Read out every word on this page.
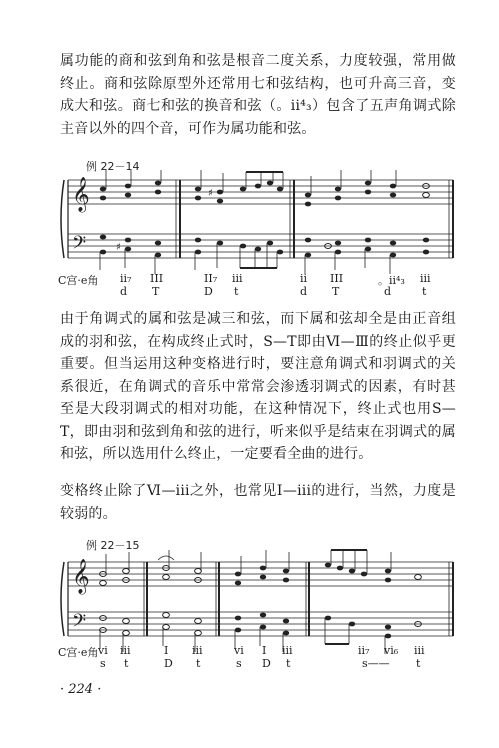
属功能的商和弦到角和弦是根音二度关系，力度较强，常用做终止。商和弦除原型外还常用七和弦结构，也可升高三音，变成大和弦。商七和弦的换音和弦（。ii⁴₃）包含了五声角调式除主音以外的四个音，可作为属功能和弦。

例 22－14
𝄞
𝄢	♯
♯
C宫·e角 ii₇ III	II₇ iii	ii III	。ii⁴₃ iii
d T	D t	d T	d	t

由于角调式的属和弦是减三和弦，而下属和弦却全是由正音组成的羽和弦，在构成终止式时，S—T即由Ⅵ—Ⅲ的终止似乎更重要。但当运用这种变格进行时，要注意角调式和羽调式的关系很近，在角调式的音乐中常常会渗透羽调式的因素，有时甚至是大段羽调式的相对功能，在这种情况下，终止式也用S—T，即由羽和弦到角和弦的进行，听来似乎是结束在羽调式的属和弦，所以选用什么终止，一定要看全曲的进行。

变格终止除了Ⅵ—iii之外，也常见Ⅰ—iii的进行，当然，力度是较弱的。

例 22－15
𝄞
𝄢
C宫·e角 vi iii	I iii	vi I iii	ii₇ vi₆ iii
s t	D t	s D t	s—— t
· 224 ·
